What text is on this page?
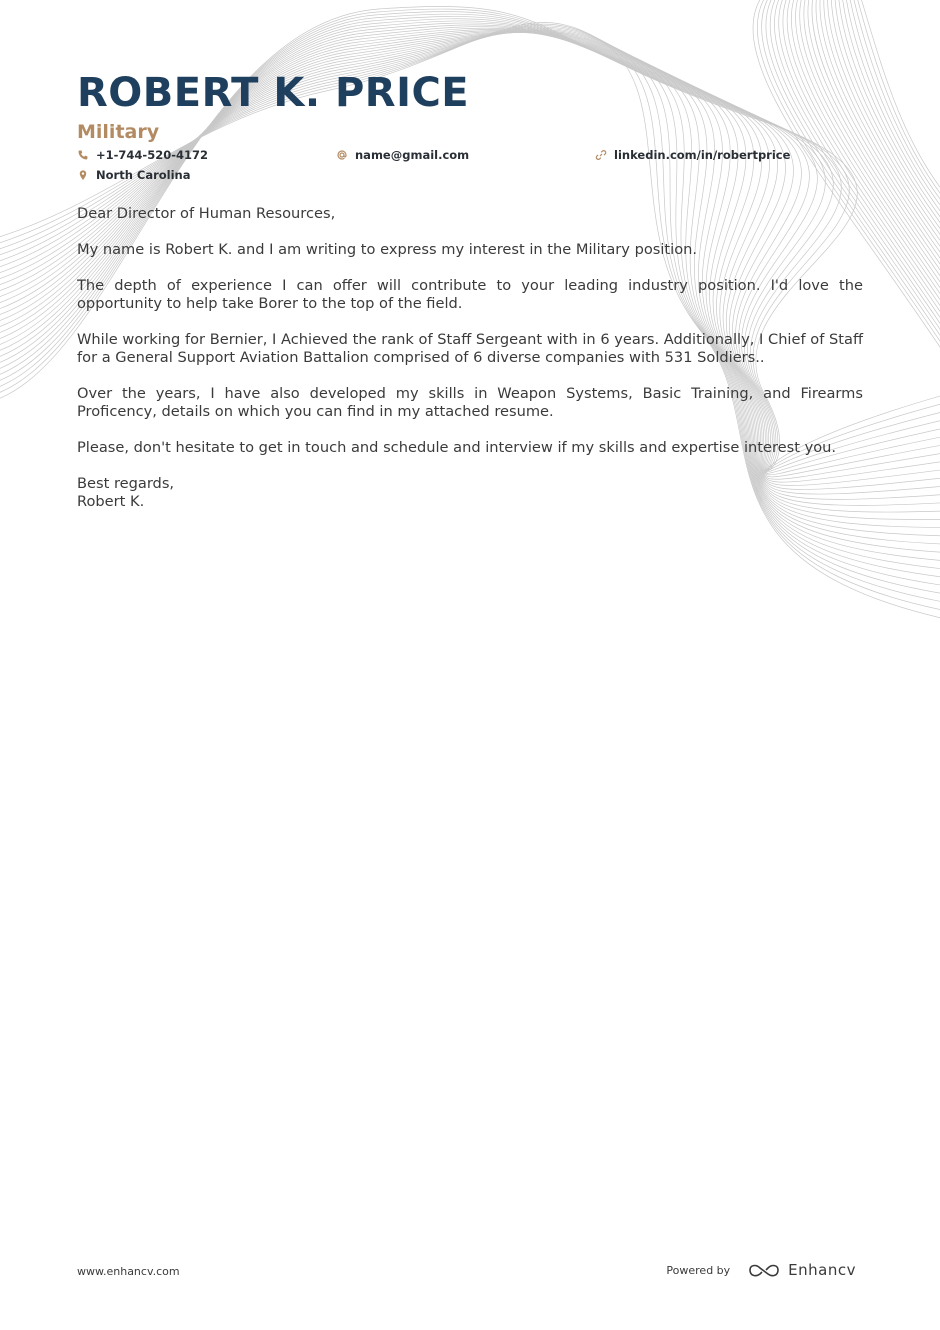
ROBERT K. PRICE
Military
+1-744-520-4172	name@gmail.com	linkedin.com/in/robertprice
North Carolina

Dear Director of Human Resources,

My name is Robert K. and I am writing to express my interest in the Military position.

The depth of experience I can offer will contribute to your leading industry position. I'd love the opportunity to help take Borer to the top of the field.

While working for Bernier, I Achieved the rank of Staff Sergeant with in 6 years. Additionally, I Chief of Staff for a General Support Aviation Battalion comprised of 6 diverse companies with 531 Soldiers..

Over the years, I have also developed my skills in Weapon Systems, Basic Training, and Firearms Proficency, details on which you can find in my attached resume.

Please, don't hesitate to get in touch and schedule and interview if my skills and expertise interest you.

Best regards,

Robert K.

www.enhancv.com	Powered by	Enhancv
